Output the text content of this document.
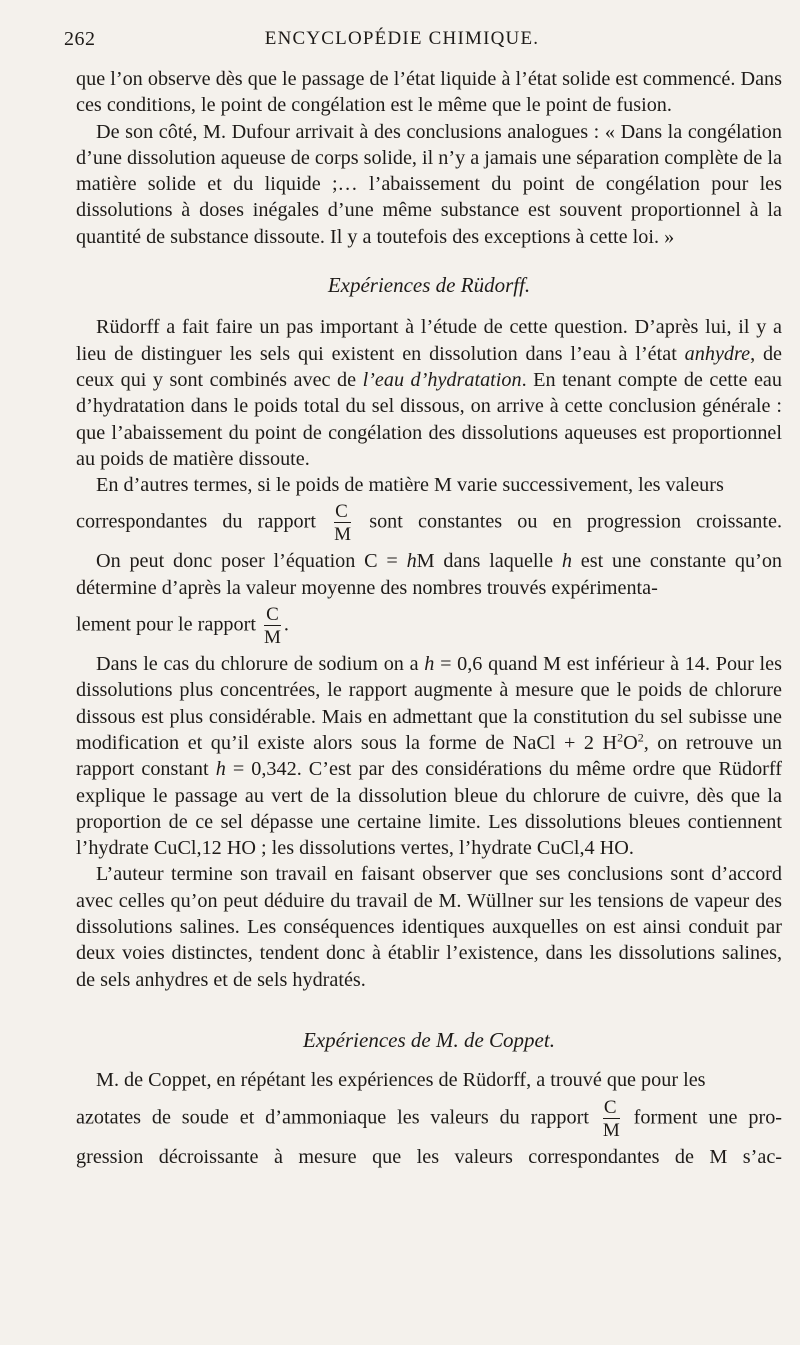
262	ENCYCLOPÉDIE CHIMIQUE.

que l’on observe dès que le passage de l’état liquide à l’état solide est commencé. Dans ces conditions, le point de congélation est le même que le point de fusion.

De son côté, M. Dufour arrivait à des conclusions analogues : « Dans la congélation d’une dissolution aqueuse de corps solide, il n’y a jamais une séparation complète de la matière solide et du liquide ;… l’abaissement du point de congélation pour les dissolutions à doses inégales d’une même substance est souvent proportionnel à la quantité de substance dissoute. Il y a toutefois des exceptions à cette loi. »

Expériences de Rüdorff.

Rüdorff a fait faire un pas important à l’étude de cette question. D’après lui, il y a lieu de distinguer les sels qui existent en dissolution dans l’eau à l’état anhydre, de ceux qui y sont combinés avec de l’eau d’hydratation. En tenant compte de cette eau d’hydratation dans le poids total du sel dissous, on arrive à cette conclusion générale : que l’abaissement du point de congélation des dissolutions aqueuses est proportionnel au poids de matière dissoute.

En d’autres termes, si le poids de matière M varie successivement, les valeurs

correspondantes du rapport $\frac{C}{M}$ sont constantes ou en progression croissante.

On peut donc poser l’équation C = hM dans laquelle h est une constante qu’on détermine d’après la valeur moyenne des nombres trouvés expérimenta-

lement pour le rapport $\frac{C}{M}$ .

Dans le cas du chlorure de sodium on a h = 0,6 quand M est inférieur à 14. Pour les dissolutions plus concentrées, le rapport augmente à mesure que le poids de chlorure dissous est plus considérable. Mais en admettant que la constitution du sel subisse une modification et qu’il existe alors sous la forme de NaCl + 2 $H^2O^2$, on retrouve un rapport constant h = 0,342. C’est par des considérations du même ordre que Rüdorff explique le passage au vert de la dissolution bleue du chlorure de cuivre, dès que la proportion de ce sel dépasse une certaine limite. Les dissolutions bleues contiennent l’hydrate CuCl,12 HO ; les dissolutions vertes, l’hydrate CuCl,4 HO.

L’auteur termine son travail en faisant observer que ses conclusions sont d’accord avec celles qu’on peut déduire du travail de M. Wüllner sur les tensions de vapeur des dissolutions salines. Les conséquences identiques auxquelles on est ainsi conduit par deux voies distinctes, tendent donc à établir l’existence, dans les dissolutions salines, de sels anhydres et de sels hydratés.

Expériences de M. de Coppet.

M. de Coppet, en répétant les expériences de Rüdorff, a trouvé que pour les

azotates de soude et d’ammoniaque les valeurs du rapport $\frac{C}{M}$ forment une pro-

gression décroissante à mesure que les valeurs correspondantes de M s’ac-
